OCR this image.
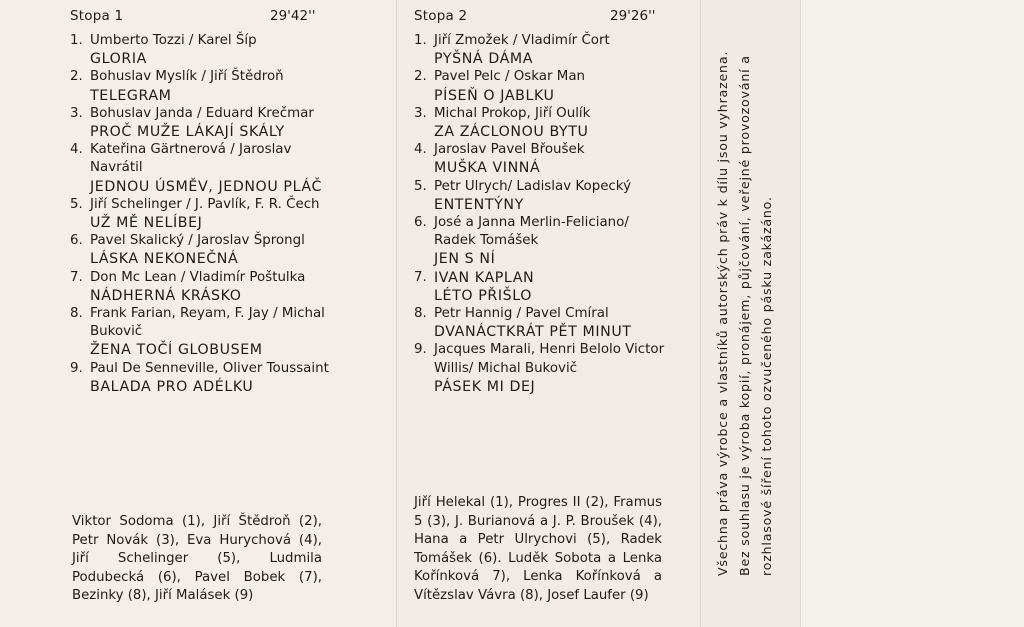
Stopa 1	29'42''
1. Umberto Tozzi / Karel Šíp
GLORIA
2. Bohuslav Myslík / Jiří Štědroň
TELEGRAM
3. Bohuslav Janda / Eduard Krečmar
PROČ MUŽE LÁKAJÍ SKÁLY
4. Kateřina Gärtnerová / Jaroslav Navrátil
JEDNOU ÚSMĚV, JEDNOU PLÁČ
5. Jiří Schelinger / J. Pavlík, F. R. Čech
UŽ MĚ NELÍBEJ
6. Pavel Skalický / Jaroslav Šprongl
LÁSKA NEKONEČNÁ
7. Don Mc Lean / Vladimír Poštulka
NÁDHERNÁ KRÁSKO
8. Frank Farian, Reyam, F. Jay / Michal Bukovič
ŽENA TOČÍ GLOBUSEM
9. Paul De Senneville, Oliver Toussaint
BALADA PRO ADÉLKU
Viktor Sodoma (1), Jiří Štědroň (2), Petr Novák (3), Eva Hurychová (4), Jiří Schelinger (5), Ludmila Podubecká (6), Pavel Bobek (7), Bezinky (8), Jiří Malásek (9)
Stopa 2	29'26''
1. Jiří Zmožek / Vladimír Čort
PYŠNÁ DÁMA
2. Pavel Pelc / Oskar Man
PÍSEŇ O JABLKU
3. Michal Prokop, Jiří Oulík
ZA ZÁCLONOU BYTU
4. Jaroslav Pavel Břoušek
MUŠKA VINNÁ
5. Petr Ulrych/ Ladislav Kopecký
ENTENTÝNY
6. José a Janna Merlin-Feliciano/ Radek Tomášek
JEN S NÍ
7. IVAN KAPLAN
LÉTO PŘIŠLO
8. Petr Hannig / Pavel Cmíral
DVANÁCTKRÁT PĚT MINUT
9. Jacques Marali, Henri Belolo Victor Willis/ Michal Bukovič
PÁSEK MI DEJ
Jiří Helekal (1), Progres II (2), Framus 5 (3), J. Burianová a J. P. Broušek (4), Hana a Petr Ulrychovi (5), Radek Tomášek (6). Luděk Sobota a Lenka Kořínková 7), Lenka Kořínková a Vítězslav Vávra (8), Josef Laufer (9)
Všechna práva výrobce a vlastníků autorských práv k dílu jsou vyhrazena. Bez souhlasu je výroba kopií, pronájem, půjčování, veřejné provozování a rozhlasové šíření tohoto ozvučeného pásku zakázáno.
